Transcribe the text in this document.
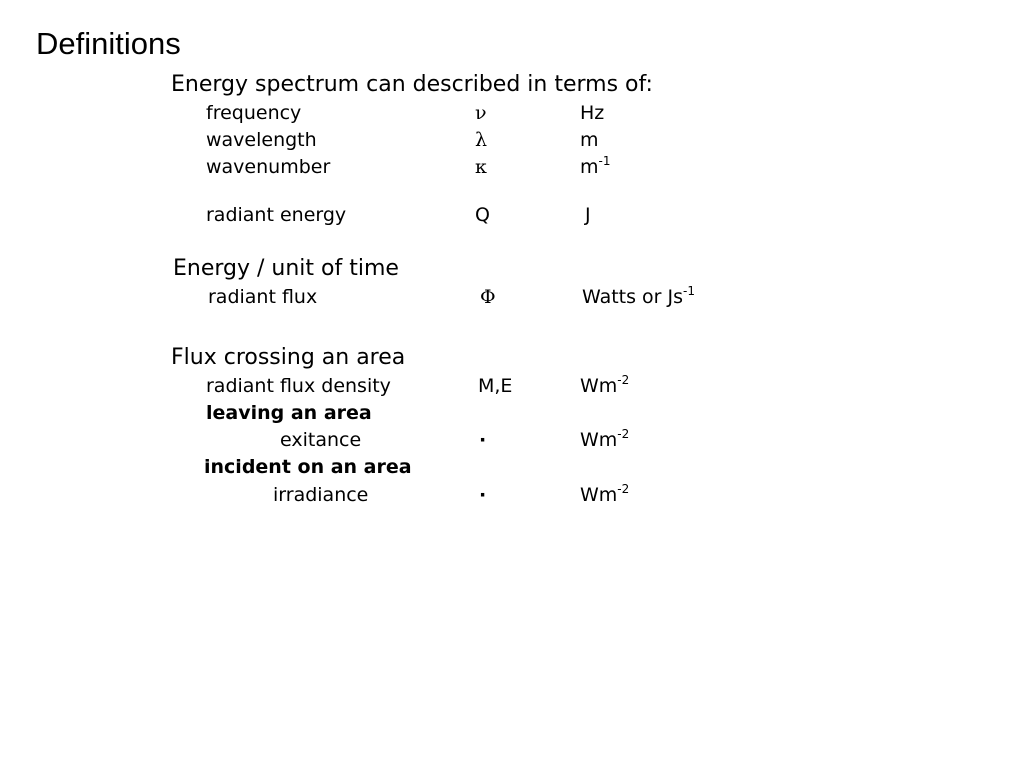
Definitions
Energy spectrum can described in terms of:
frequency	ν	Hz
wavelength	λ	m
wavenumber	κ	$m^{-1}$
radiant energy	Q	J
Energy / unit of time
radiant flux	Φ	Watts or $Js^{-1}$
Flux crossing an area
radiant flux density	M,E	$Wm^{-2}$
leaving an area
exitance	·	$Wm^{-2}$
incident on an area
irradiance	·	$Wm^{-2}$
